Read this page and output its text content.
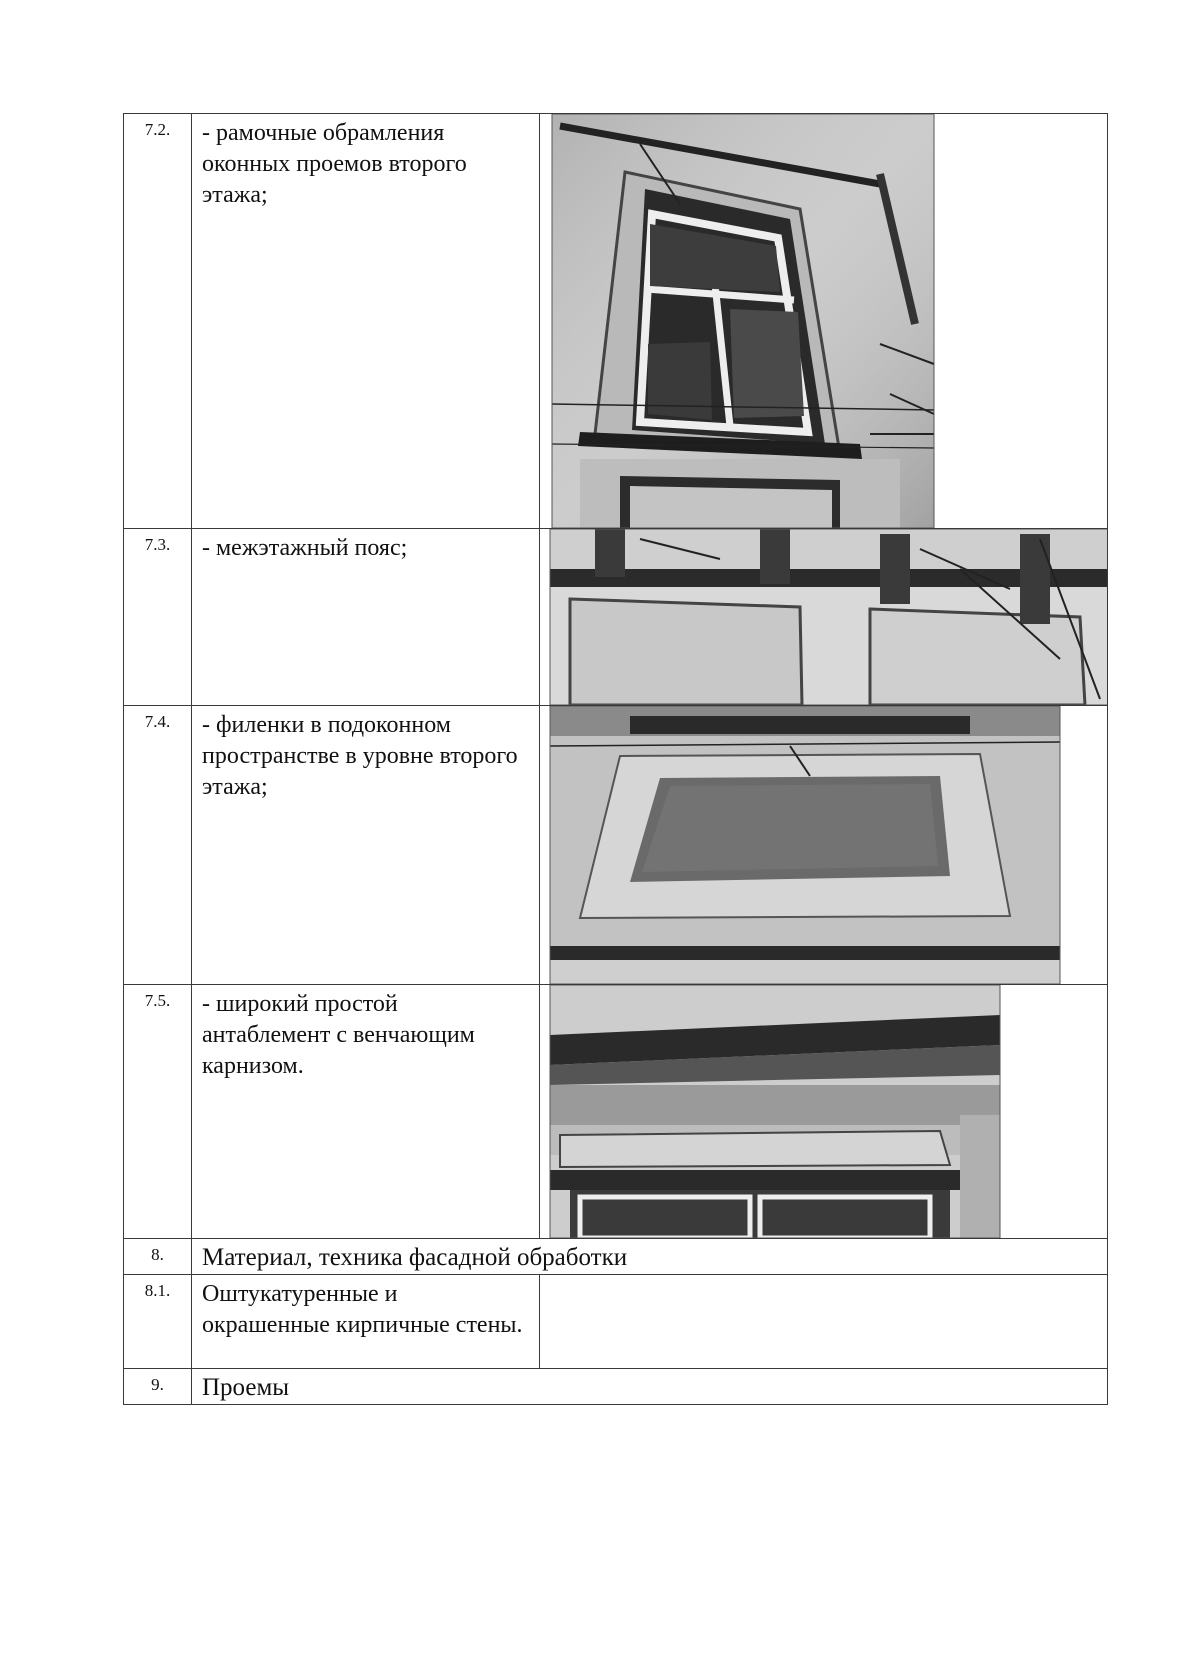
7.2.	- рамочные обрамления оконных проемов второго этажа;	

7.3.	- межэтажный пояс;	

7.4.	- филенки в подоконном пространстве в уровне второго этажа;	

7.5.	- широкий простой антаблемент с венчающим карнизом.	

8.	Материал, техника фасадной обработки	
8.1.	Оштукатуренные и окрашенные кирпичные стены.	
9.	Проемы	
